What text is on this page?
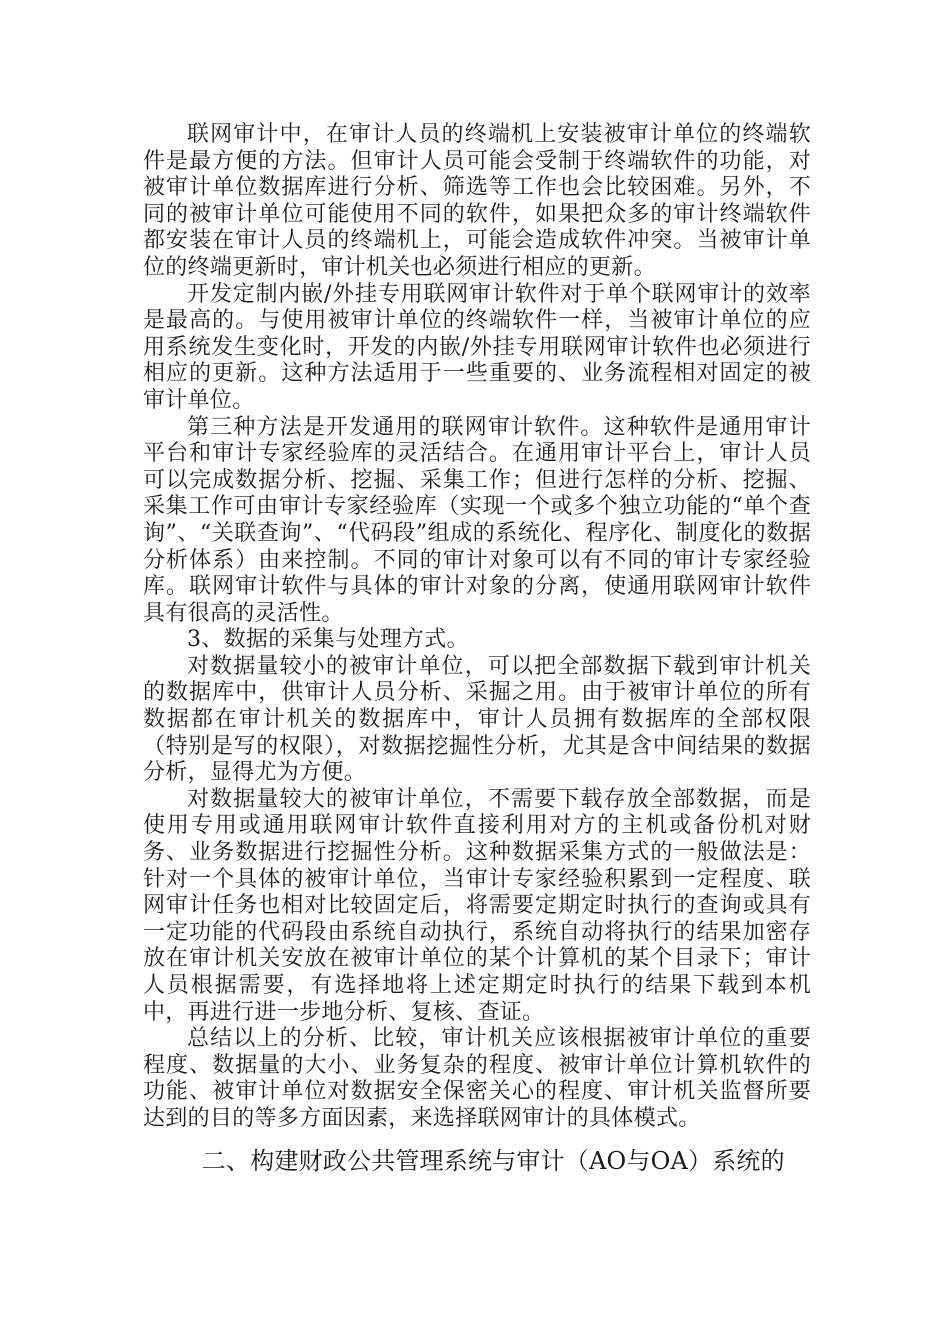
联网审计中，在审计人员的终端机上安装被审计单位的终端软件是最方便的方法。但审计人员可能会受制于终端软件的功能，对被审计单位数据库进行分析、筛选等工作也会比较困难。另外，不同的被审计单位可能使用不同的软件，如果把众多的审计终端软件都安装在审计人员的终端机上，可能会造成软件冲突。当被审计单位的终端更新时，审计机关也必须进行相应的更新。

开发定制内嵌/外挂专用联网审计软件对于单个联网审计的效率是最高的。与使用被审计单位的终端软件一样，当被审计单位的应用系统发生变化时，开发的内嵌/外挂专用联网审计软件也必须进行相应的更新。这种方法适用于一些重要的、业务流程相对固定的被审计单位。

第三种方法是开发通用的联网审计软件。这种软件是通用审计平台和审计专家经验库的灵活结合。在通用审计平台上，审计人员可以完成数据分析、挖掘、采集工作；但进行怎样的分析、挖掘、采集工作可由审计专家经验库（实现一个或多个独立功能的“单个查询”、“关联查询”、“代码段”组成的系统化、程序化、制度化的数据分析体系）由来控制。不同的审计对象可以有不同的审计专家经验库。联网审计软件与具体的审计对象的分离，使通用联网审计软件具有很高的灵活性。

3、数据的采集与处理方式。

对数据量较小的被审计单位，可以把全部数据下载到审计机关的数据库中，供审计人员分析、采掘之用。由于被审计单位的所有数据都在审计机关的数据库中，审计人员拥有数据库的全部权限（特别是写的权限），对数据挖掘性分析，尤其是含中间结果的数据分析，显得尤为方便。

对数据量较大的被审计单位，不需要下载存放全部数据，而是使用专用或通用联网审计软件直接利用对方的主机或备份机对财务、业务数据进行挖掘性分析。这种数据采集方式的一般做法是：针对一个具体的被审计单位，当审计专家经验积累到一定程度、联网审计任务也相对比较固定后，将需要定期定时执行的查询或具有一定功能的代码段由系统自动执行，系统自动将执行的结果加密存放在审计机关安放在被审计单位的某个计算机的某个目录下；审计人员根据需要，有选择地将上述定期定时执行的结果下载到本机中，再进行进一步地分析、复核、查证。

总结以上的分析、比较，审计机关应该根据被审计单位的重要程度、数据量的大小、业务复杂的程度、被审计单位计算机软件的功能、被审计单位对数据安全保密关心的程度、审计机关监督所要达到的目的等多方面因素，来选择联网审计的具体模式。

二、构建财政公共管理系统与审计（AO与OA）系统的
